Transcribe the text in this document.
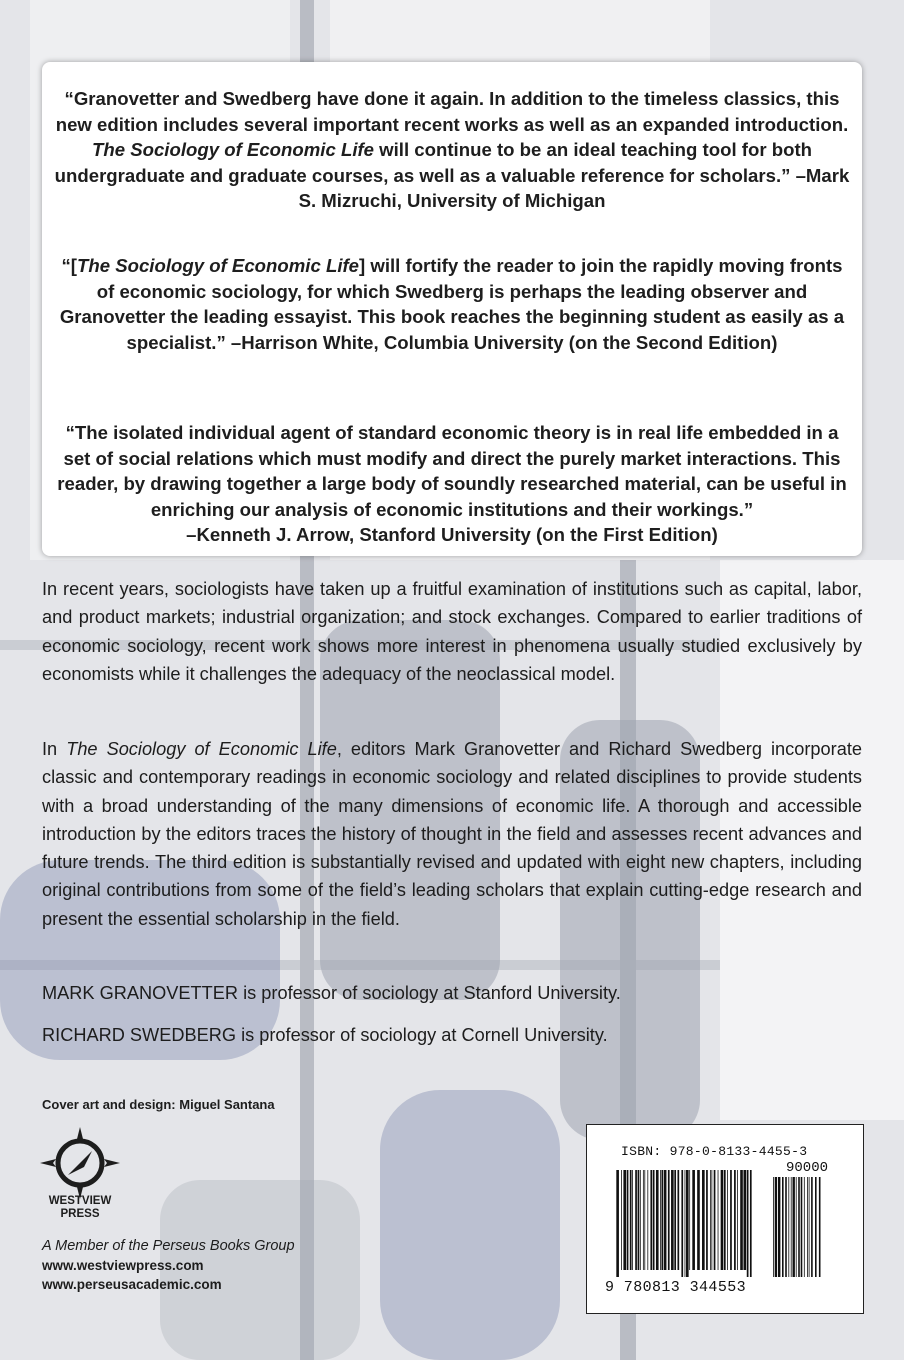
“Granovetter and Swedberg have done it again. In addition to the timeless classics, this new edition includes several important recent works as well as an expanded introduction. The Sociology of Economic Life will continue to be an ideal teaching tool for both undergraduate and graduate courses, as well as a valuable reference for scholars.” –Mark S. Mizruchi, University of Michigan

“[The Sociology of Economic Life] will fortify the reader to join the rapidly moving fronts of economic sociology, for which Swedberg is perhaps the leading observer and Granovetter the leading essayist. This book reaches the beginning student as easily as a specialist.” –Harrison White, Columbia University (on the Second Edition)

“The isolated individual agent of standard economic theory is in real life embedded in a set of social relations which must modify and direct the purely market interactions. This reader, by drawing together a large body of soundly researched material, can be useful in enriching our analysis of economic institutions and their workings.”
–Kenneth J. Arrow, Stanford University (on the First Edition)

In recent years, sociologists have taken up a fruitful examination of institutions such as capital, labor, and product markets; industrial organization; and stock exchanges. Compared to earlier traditions of economic sociology, recent work shows more interest in phenomena usually studied exclusively by economists while it challenges the adequacy of the neoclassical model.

In The Sociology of Economic Life, editors Mark Granovetter and Richard Swedberg incorporate classic and contemporary readings in economic sociology and related disciplines to provide students with a broad understanding of the many dimensions of economic life. A thorough and accessible introduction by the editors traces the history of thought in the field and assesses recent advances and future trends. The third edition is substantially revised and updated with eight new chapters, including original contributions from some of the field’s leading scholars that explain cutting-edge research and present the essential scholarship in the field.

MARK GRANOVETTER is professor of sociology at Stanford University.

RICHARD SWEDBERG is professor of sociology at Cornell University.

Cover art and design: Miguel Santana
WESTVIEW
PRESS
A Member of the Perseus Books Group
www.westviewpress.com
www.perseusacademic.com
ISBN: 978-0-8133-4455-3
90000
9 780813 344553
